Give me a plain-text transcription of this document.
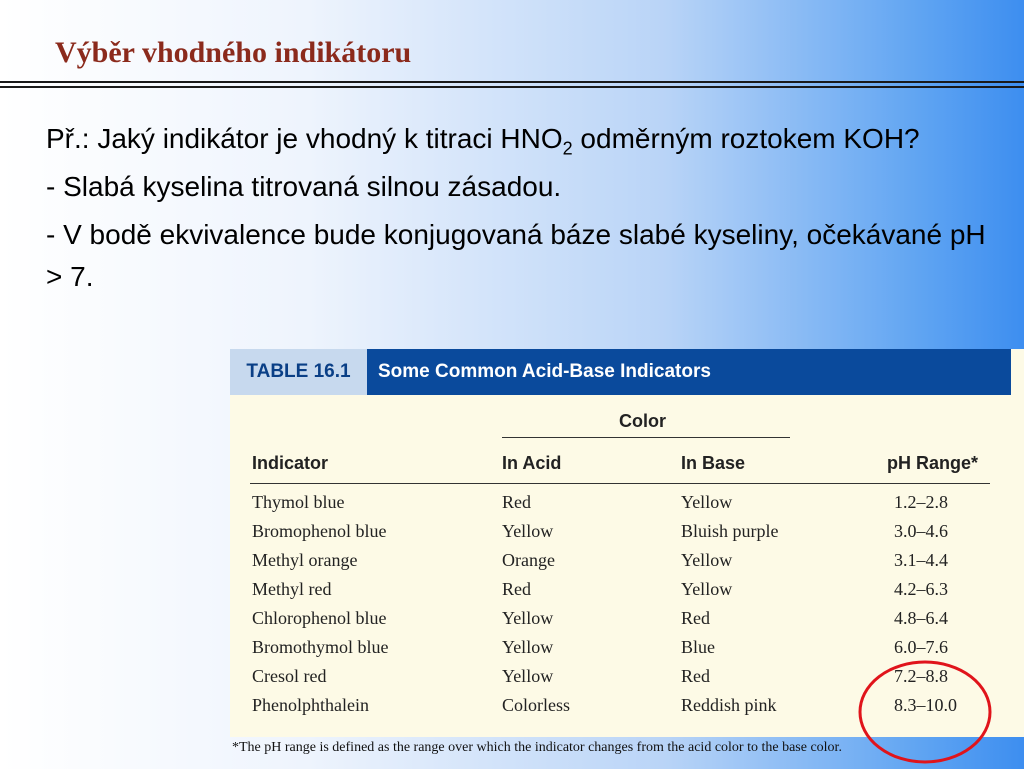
Výběr vhodného indikátoru

Př.: Jaký indikátor je vhodný k titraci $HNO_2$ odměrným roztokem KOH?

- Slabá kyselina titrovaná silnou zásadou.

- V bodě ekvivalence bude konjugovaná báze slabé kyseliny, očekávané pH > 7.

TABLE 16.1	Some Common Acid-Base Indicators
Color
Indicator	In Acid	In Base	pH Range*
Thymol blue	Red	Yellow	1.2–2.8
Bromophenol blue	Yellow	Bluish purple	3.0–4.6
Methyl orange	Orange	Yellow	3.1–4.4
Methyl red	Red	Yellow	4.2–6.3
Chlorophenol blue	Yellow	Red	4.8–6.4
Bromothymol blue	Yellow	Blue	6.0–7.6
Cresol red	Yellow	Red	7.2–8.8
Phenolphthalein	Colorless	Reddish pink	8.3–10.0
*The pH range is defined as the range over which the indicator changes from the acid color to the base color.
